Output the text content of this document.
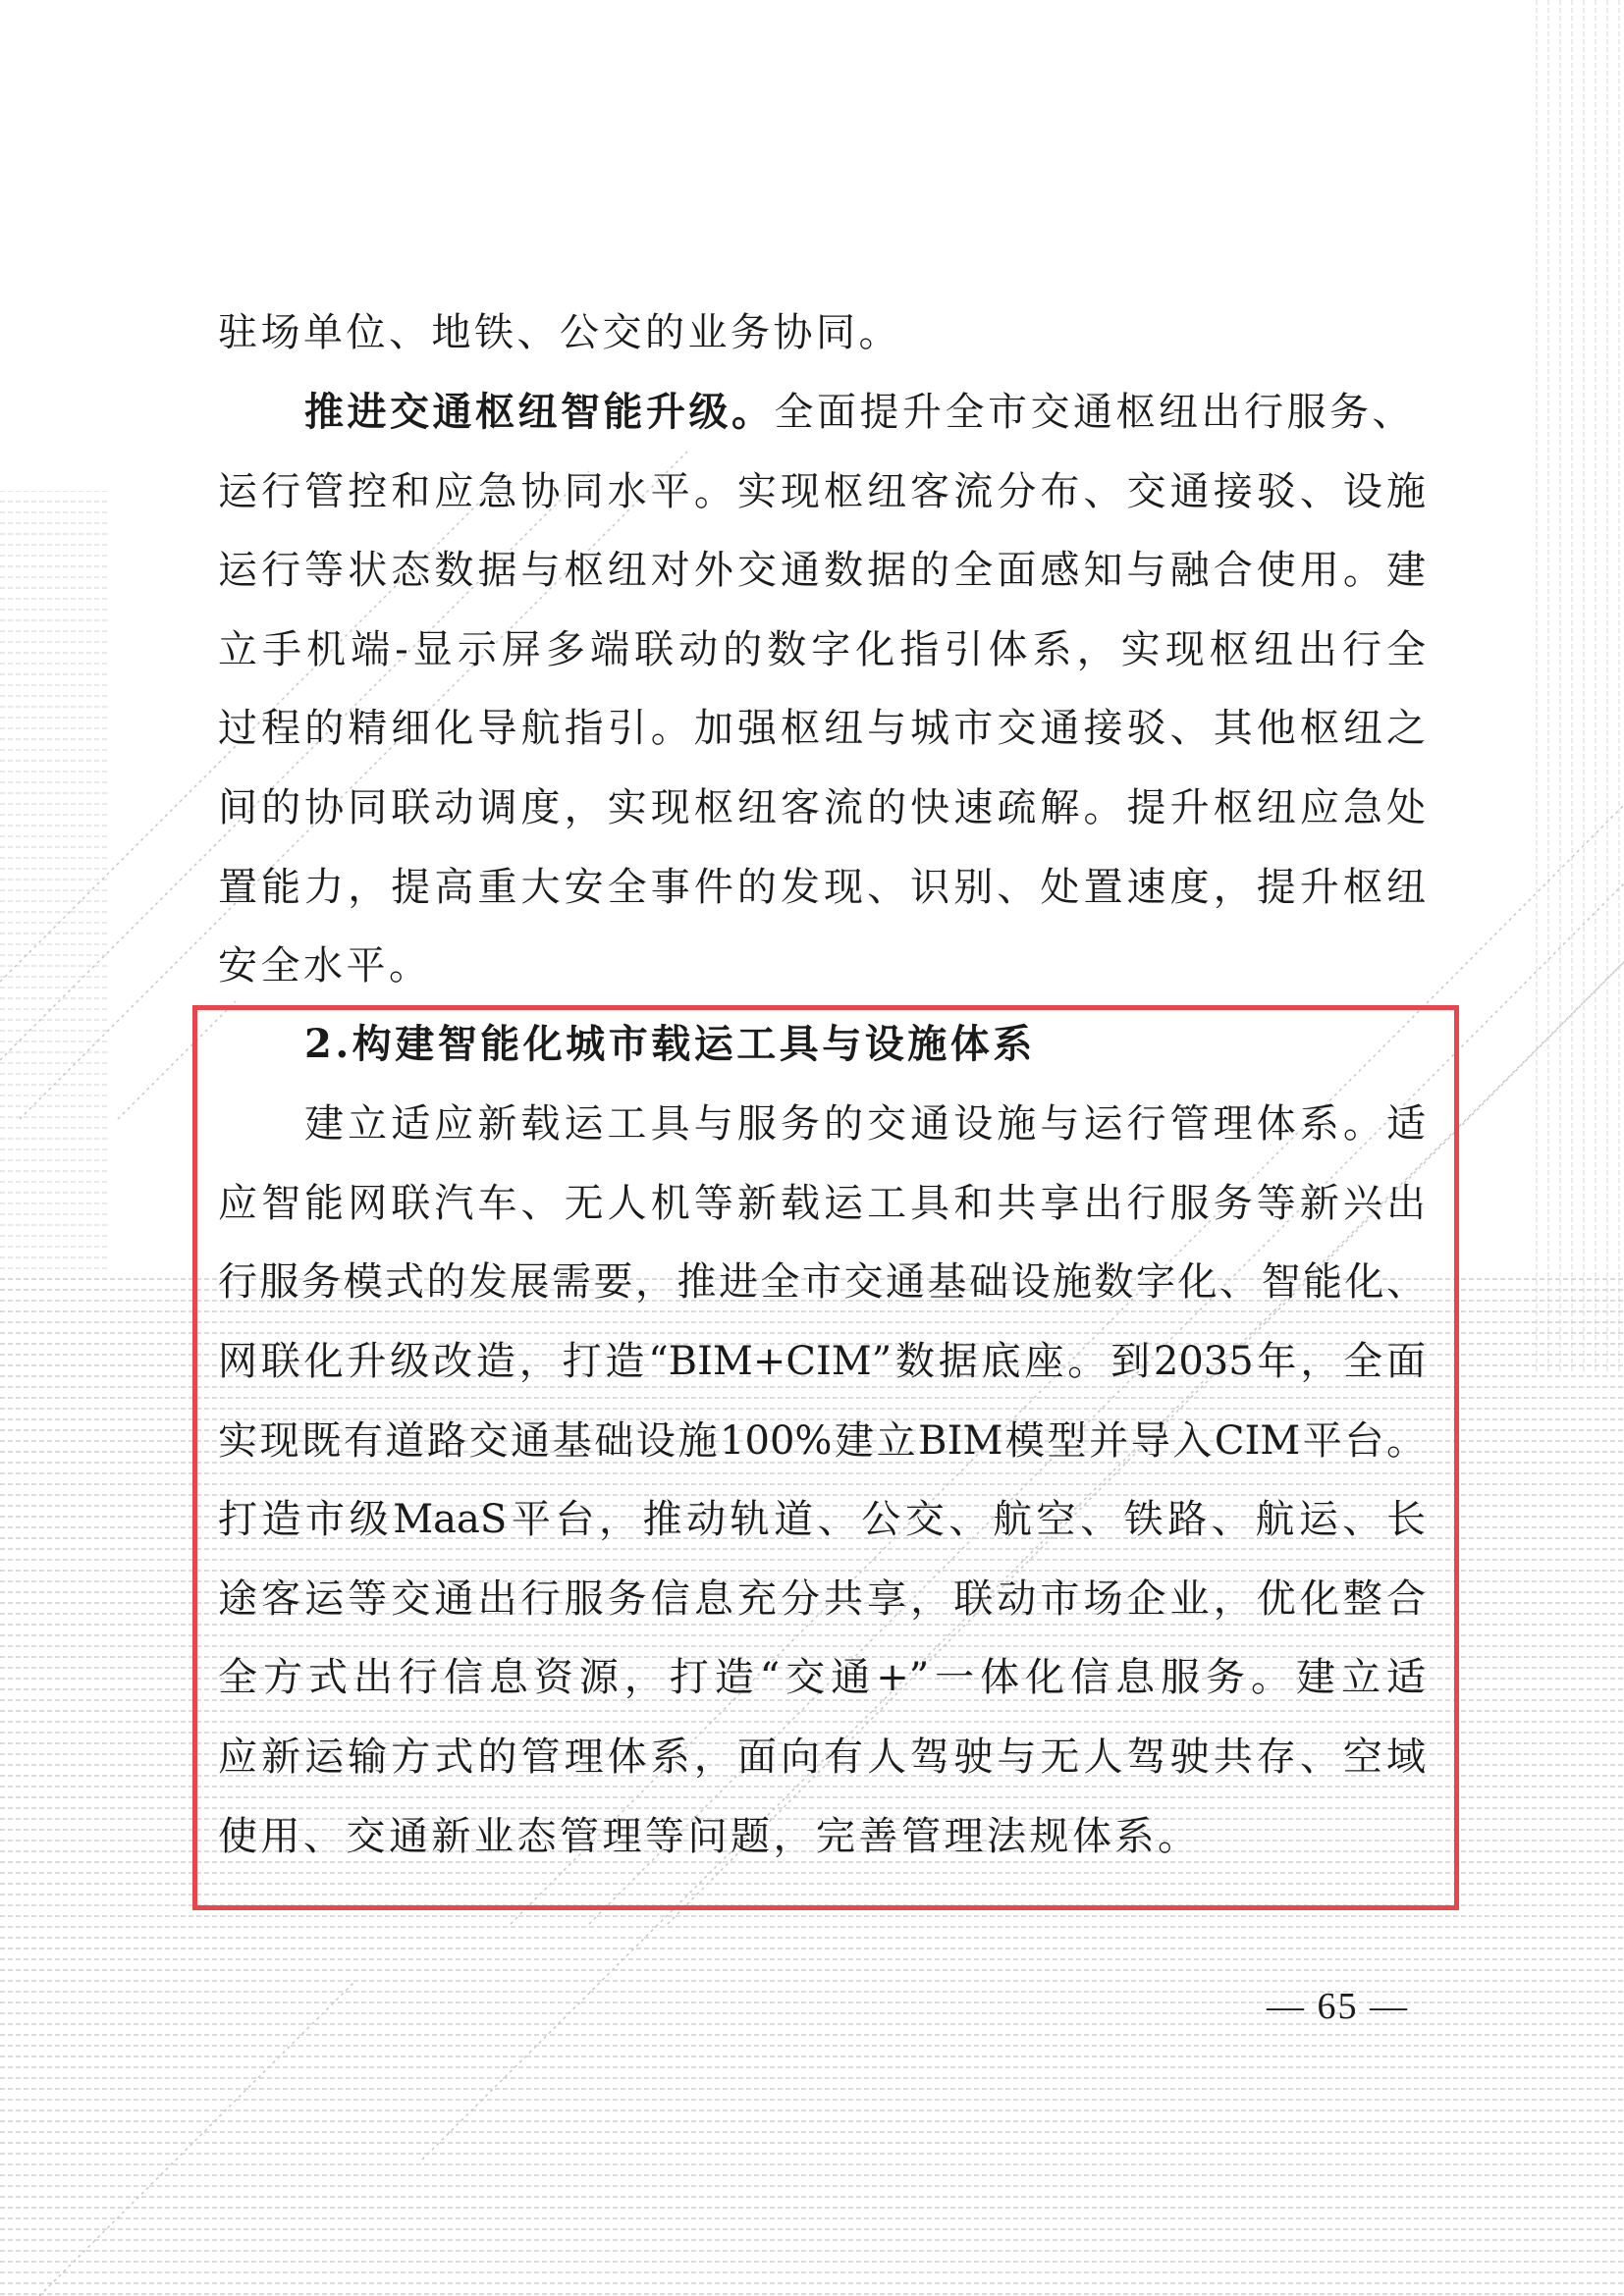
驻场单位、地铁、公交的业务协同。
推进交通枢纽智能升级。全面提升全市交通枢纽出行服务、
运行管控和应急协同水平。实现枢纽客流分布、交通接驳、设施
运行等状态数据与枢纽对外交通数据的全面感知与融合使用。建
立手机端-显示屏多端联动的数字化指引体系，实现枢纽出行全
过程的精细化导航指引。加强枢纽与城市交通接驳、其他枢纽之
间的协同联动调度，实现枢纽客流的快速疏解。提升枢纽应急处
置能力，提高重大安全事件的发现、识别、处置速度，提升枢纽
安全水平。
2.构建智能化城市载运工具与设施体系
建立适应新载运工具与服务的交通设施与运行管理体系。适
应智能网联汽车、无人机等新载运工具和共享出行服务等新兴出
行服务模式的发展需要，推进全市交通基础设施数字化、智能化、
网联化升级改造，打造“BIM+CIM”数据底座。到2035年，全面
实现既有道路交通基础设施100%建立BIM模型并导入CIM平台。
打造市级MaaS平台，推动轨道、公交、航空、铁路、航运、长
途客运等交通出行服务信息充分共享，联动市场企业，优化整合
全方式出行信息资源，打造“交通+”一体化信息服务。建立适
应新运输方式的管理体系，面向有人驾驶与无人驾驶共存、空域
使用、交通新业态管理等问题，完善管理法规体系。
— 65 —
